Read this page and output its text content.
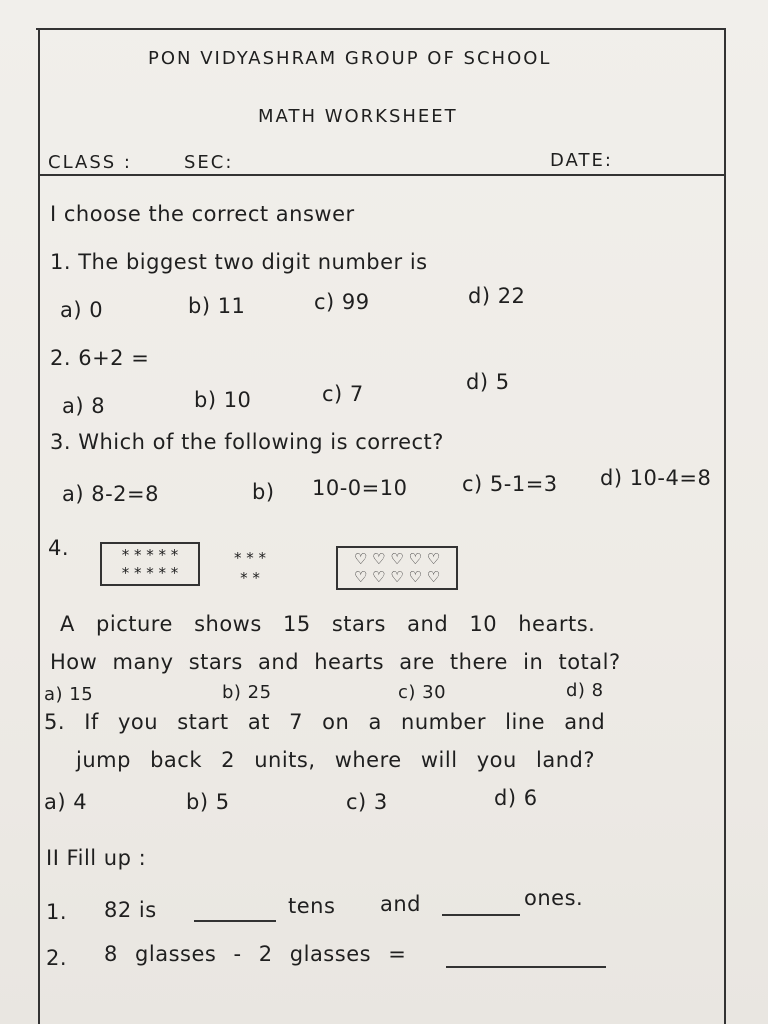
PON VIDYASHRAM GROUP OF SCHOOL
MATH WORKSHEET
CLASS :	SEC:	DATE:
I choose the correct answer
1. The biggest two digit number is
a) 0	b) 11	c) 99	d) 22
2. 6+2 =
a) 8	b) 10	c) 7	d) 5
3. Which of the following is correct?
a) 8-2=8	b) 10-0=10	c) 5-1=3 d) 10-4=8
4.	* * * * *
* * * * *
* * *
* *
♡ ♡ ♡ ♡ ♡
♡ ♡ ♡ ♡ ♡
A picture shows 15 stars and 10 hearts.
How many stars and hearts are there in total?
a) 15	b) 25	c) 30	d) 8
5. If you start at 7 on a number line and
jump back 2 units, where will you land?
a) 4	b) 5	c) 3	d) 6
II Fill up :
1. 82 is	tens and	ones.
2. 8 glasses - 2 glasses =
